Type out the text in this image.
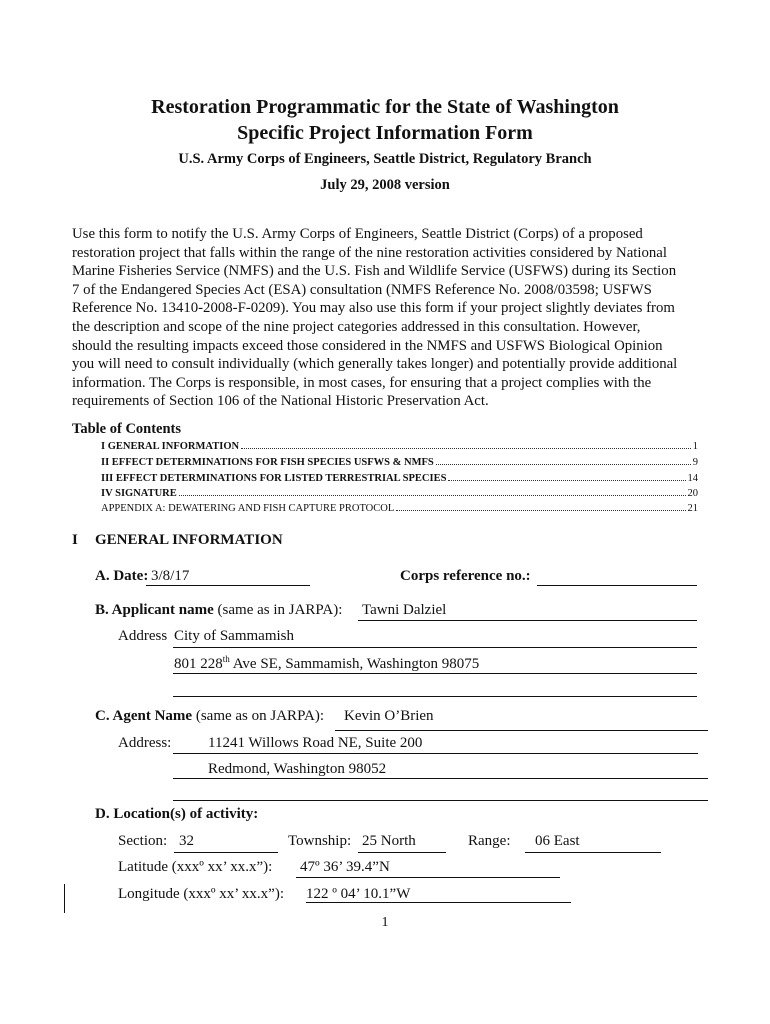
Restoration Programmatic for the State of Washington
Specific Project Information Form
U.S. Army Corps of Engineers, Seattle District, Regulatory Branch
July 29, 2008 version
Use this form to notify the U.S. Army Corps of Engineers, Seattle District (Corps) of a proposed
restoration project that falls within the range of the nine restoration activities considered by National
Marine Fisheries Service (NMFS) and the U.S. Fish and Wildlife Service (USFWS) during its Section
7 of the Endangered Species Act (ESA) consultation (NMFS Reference No. 2008/03598; USFWS
Reference No. 13410-2008-F-0209). You may also use this form if your project slightly deviates from
the description and scope of the nine project categories addressed in this consultation. However,
should the resulting impacts exceed those considered in the NMFS and USFWS Biological Opinion
you will need to consult individually (which generally takes longer) and potentially provide additional
information. The Corps is responsible, in most cases, for ensuring that a project complies with the
requirements of Section 106 of the National Historic Preservation Act.
Table of Contents
I GENERAL INFORMATION	1
II EFFECT DETERMINATIONS FOR FISH SPECIES USFWS & NMFS	9
III EFFECT DETERMINATIONS FOR LISTED TERRESTRIAL SPECIES	14
IV SIGNATURE	20
APPENDIX A: DEWATERING AND FISH CAPTURE PROTOCOL	21
I GENERAL INFORMATION
A. Date: 3/8/17	Corps reference no.:
B. Applicant name (same as in JARPA): Tawni Dalziel
Address City of Sammamish
801 228th Ave SE, Sammamish, Washington 98075
C. Agent Name (same as on JARPA): Kevin O’Brien
Address: 11241 Willows Road NE, Suite 200
Redmond, Washington 98052
D. Location(s) of activity:
Section: 32	Township: 25 North	Range: 06 East
Latitude (xxxº xx’ xx.x”): 47º 36’ 39.4”N
Longitude (xxxº xx’ xx.x”): 122 º 04’ 10.1”W
1
